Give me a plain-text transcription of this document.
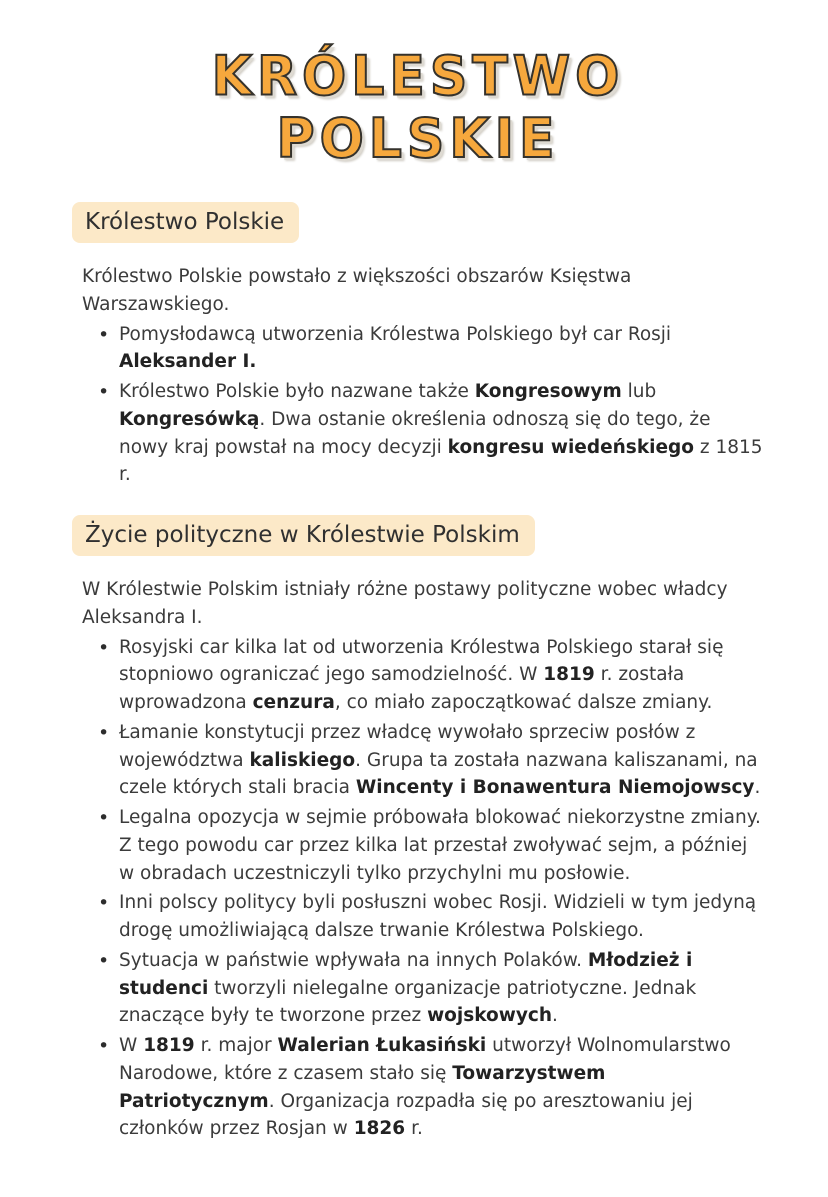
KRÓLESTWO POLSKIE
Królestwo Polskie

Królestwo Polskie powstało z większości obszarów Księstwa Warszawskiego.

• Pomysłodawcą utworzenia Królestwa Polskiego był car Rosji Aleksander I.
• Królestwo Polskie było nazwane także Kongresowym lub Kongresówką. Dwa ostanie określenia odnoszą się do tego, że nowy kraj powstał na mocy decyzji kongresu wiedeńskiego z 1815 r.
Życie polityczne w Królestwie Polskim

W Królestwie Polskim istniały różne postawy polityczne wobec władcy Aleksandra I.

• Rosyjski car kilka lat od utworzenia Królestwa Polskiego starał się stopniowo ograniczać jego samodzielność. W 1819 r. została wprowadzona cenzura, co miało zapoczątkować dalsze zmiany.
• Łamanie konstytucji przez władcę wywołało sprzeciw posłów z województwa kaliskiego. Grupa ta została nazwana kaliszanami, na czele których stali bracia Wincenty i Bonawentura Niemojowscy.
• Legalna opozycja w sejmie próbowała blokować niekorzystne zmiany. Z tego powodu car przez kilka lat przestał zwoływać sejm, a później w obradach uczestniczyli tylko przychylni mu posłowie.
• Inni polscy politycy byli posłuszni wobec Rosji. Widzieli w tym jedyną drogę umożliwiającą dalsze trwanie Królestwa Polskiego.
• Sytuacja w państwie wpływała na innych Polaków. Młodzież i studenci tworzyli nielegalne organizacje patriotyczne. Jednak znaczące były te tworzone przez wojskowych.
• W 1819 r. major Walerian Łukasiński utworzył Wolnomularstwo Narodowe, które z czasem stało się Towarzystwem Patriotycznym. Organizacja rozpadła się po aresztowaniu jej członków przez Rosjan w 1826 r.
